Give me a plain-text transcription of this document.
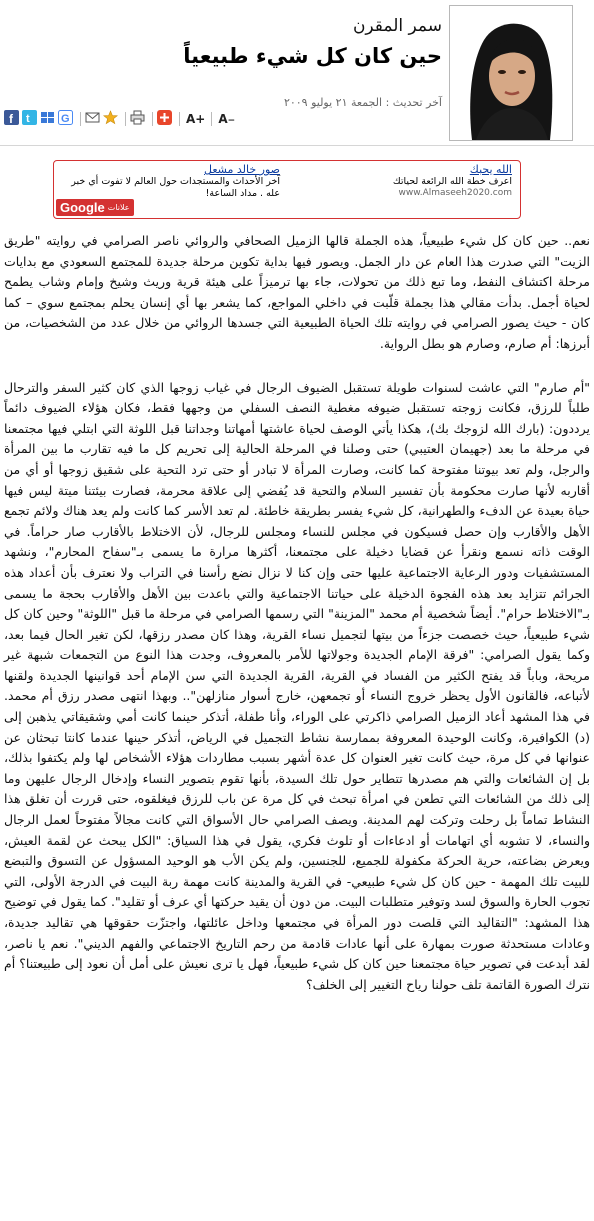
سمر المقرن
حين كان كل شيء طبيعياً
آخر تحديث : الجمعة ٢١ يوليو ٢٠٠٩
f t	G	A+ A−
الله يحبك
اعرف خطة الله الرائعة لحياتك
www.Almaseeh2020.com
صور خالد مشعل
آخر الأحداث والمستجدات حول العالم لا تفوت أي خبر عله . مداد الساعة!
Google علانات

نعم.. حين كان كل شيء طبيعياً، هذه الجملة قالها الزميل الصحافي والروائي ناصر الصرامي في روايته "طريق الزيت" التي صدرت هذا العام عن دار الجمل. ويصور فيها بداية تكوين مرحلة جديدة للمجتمع السعودي مع بدايات مرحلة اكتشاف النفط، وما تبع ذلك من تحولات، جاء بها ترميزاً على هيئة قرية وريث وشيخ وإمام وشاب يطمح لحياة أجمل. بدأت مقالي هذا بجملة قلّبت في داخلي المواجع، كما يشعر بها أي إنسان يحلم بمجتمع سوي – كما كان - حيث يصور الصرامي في روايته تلك الحياة الطبيعية التي جسدها الروائي من خلال عدد من الشخصيات، من أبرزها: أم صارم، وصارم هو بطل الرواية.

"أم صارم" التي عاشت لسنوات طويلة تستقبل الضيوف الرجال في غياب زوجها الذي كان كثير السفر والترحال طلباً للرزق، فكانت زوجته تستقبل ضيوفه مغطية النصف السفلي من وجهها فقط، فكان هؤلاء الضيوف دائماً يرددون: (بارك الله لزوجك بك)، هكذا يأتي الوصف لحياة عاشتها أمهاتنا وجداتنا قبل اللوثة التي ابتلي فيها مجتمعنا في مرحلة ما بعد (جهيمان العتيبي) حتى وصلنا في المرحلة الحالية إلى تحريم كل ما فيه تقارب ما بين المرأة والرجل، ولم تعد بيوتنا مفتوحة كما كانت، وصارت المرأة لا تبادر أو حتى ترد التحية على شقيق زوجها أو أي من أقاربه لأنها صارت محكومة بأن تفسير السلام والتحية قد يُفضي إلى علاقة محرمة، فصارت بيئتنا ميتة ليس فيها حياة بعيدة عن الدفء والطهرانية، كل شيء يفسر بطريقة خاطئة. لم تعد الأسر كما كانت ولم يعد هناك ولائم تجمع الأهل والأقارب وإن حصل فسيكون في مجلس للنساء ومجلس للرجال، لأن الاختلاط بالأقارب صار حراماً. في الوقت ذاته نسمع ونقرأ عن قضايا دخيلة على مجتمعنا، أكثرها مرارة ما يسمى بـ"سفاح المحارم"، ونشهد المستشفيات ودور الرعاية الاجتماعية عليها حتى وإن كنا لا نزال نضع رأسنا في التراب ولا نعترف بأن أعداد هذه الجرائم تتزايد بعد هذه الفجوة الدخيلة على حياتنا الاجتماعية والتي باعدت بين الأهل والأقارب بحجة ما يسمى بـ"الاختلاط حرام". أيضاً شخصية أم محمد "المزينة" التي رسمها الصرامي في مرحلة ما قبل "اللوثة" وحين كان كل شيء طبيعياً، حيث خصصت جزءاً من بيتها لتجميل نساء القرية، وهذا كان مصدر رزقها، لكن تغير الحال فيما بعد، وكما يقول الصرامي: "فرقة الإمام الجديدة وجولاتها للأمر بالمعروف، وجدت هذا النوع من التجمعات شبهة غير مريحة، وباباً قد يفتح الكثير من الفساد في القرية، القرية الجديدة التي سن الإمام أحد قوانينها الجديدة ولقنها لأتباعه، فالقانون الأول يحظر خروج النساء أو تجمعهن، خارج أسوار منازلهن".. وبهذا انتهى مصدر رزق أم محمد. في هذا المشهد أعاد الزميل الصرامي ذاكرتي على الوراء، وأنا طفلة، أتذكر حينما كانت أمي وشقيقاتي يذهبن إلى (د) الكوافيرة، وكانت الوحيدة المعروفة بممارسة نشاط التجميل في الرياض، أتذكر حينها عندما كانتا تبحثان عن عنوانها في كل مرة، حيث كانت تغير العنوان كل عدة أشهر بسبب مطاردات هؤلاء الأشخاص لها ولم يكتفوا بذلك، بل إن الشائعات والتي هم مصدرها تتطاير حول تلك السيدة، بأنها تقوم بتصوير النساء وإدخال الرجال عليهن وما إلى ذلك من الشائعات التي تطعن في امرأة تبحث في كل مرة عن باب للرزق فيغلقوه، حتى قررت أن تغلق هذا النشاط تماماً بل رحلت وتركت لهم المدينة. ويصف الصرامي حال الأسواق التي كانت مجالاً مفتوحاً لعمل الرجال والنساء، لا تشوبه أي اتهامات أو ادعاءات أو تلوث فكري، يقول في هذا السياق: "الكل يبحث عن لقمة العيش، ويعرض بضاعته، حرية الحركة مكفولة للجميع، للجنسين، ولم يكن الأب هو الوحيد المسؤول عن التسوق والتبضع للبيت تلك المهمة - حين كان كل شيء طبيعي- في القرية والمدينة كانت مهمة ربة البيت في الدرجة الأولى، التي تجوب الحارة والسوق لسد وتوفير متطلبات البيت. من دون أن يقيد حركتها أي عرف أو تقليد". كما يقول في توضيح هذا المشهد: "التقاليد التي قلصت دور المرأة في مجتمعها وداخل عائلتها، واجتزّت حقوقها هي تقاليد جديدة، وعادات مستحدثة صورت بمهارة على أنها عادات قادمة من رحم التاريخ الاجتماعي والفهم الديني". نعم يا ناصر، لقد أبدعت في تصوير حياة مجتمعنا حين كان كل شيء طبيعياً، فهل يا ترى نعيش على أمل أن نعود إلى طبيعتنا؟ أم نترك الصورة القاتمة تلف حولنا رياح التغيير إلى الخلف؟
